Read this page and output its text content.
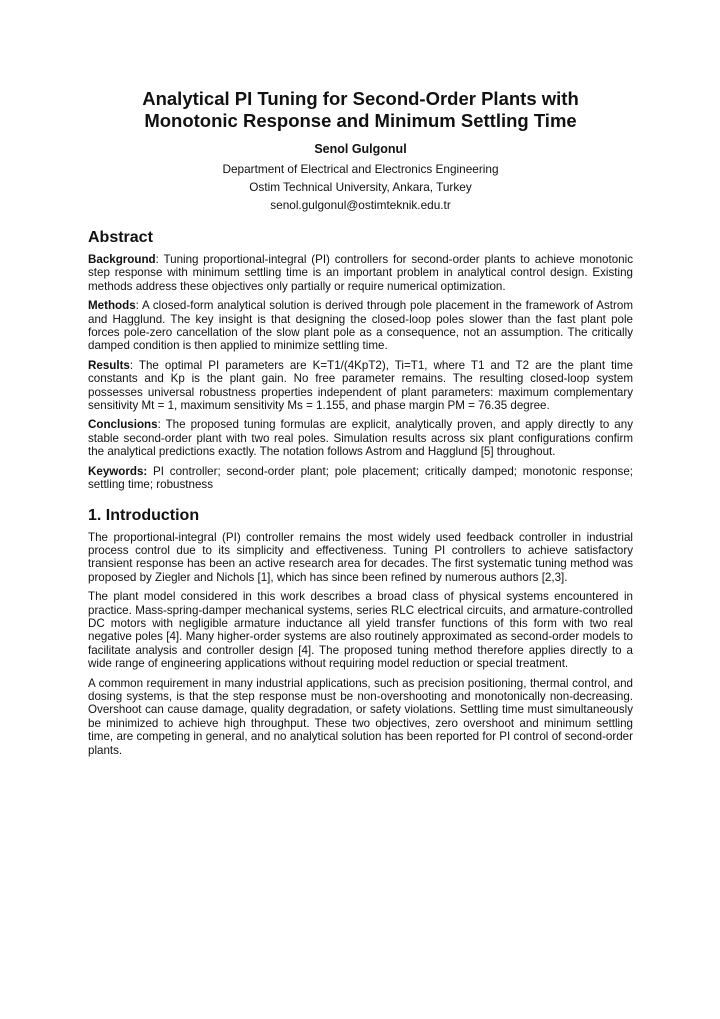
Analytical PI Tuning for Second-Order Plants with
Monotonic Response and Minimum Settling Time
Senol Gulgonul
Department of Electrical and Electronics Engineering
Ostim Technical University, Ankara, Turkey
senol.gulgonul@ostimteknik.edu.tr
Abstract

Background: Tuning proportional-integral (PI) controllers for second-order plants to achieve monotonic step response with minimum settling time is an important problem in analytical control design. Existing methods address these objectives only partially or require numerical optimization.

Methods: A closed-form analytical solution is derived through pole placement in the framework of Astrom and Hagglund. The key insight is that designing the closed-loop poles slower than the fast plant pole forces pole-zero cancellation of the slow plant pole as a consequence, not an assumption. The critically damped condition is then applied to minimize settling time.

Results: The optimal PI parameters are K=T1/(4KpT2), Ti=T1, where T1 and T2 are the plant time constants and Kp is the plant gain. No free parameter remains. The resulting closed-loop system possesses universal robustness properties independent of plant parameters: maximum complementary sensitivity Mt = 1, maximum sensitivity Ms = 1.155, and phase margin PM = 76.35 degree.

Conclusions: The proposed tuning formulas are explicit, analytically proven, and apply directly to any stable second-order plant with two real poles. Simulation results across six plant configurations confirm the analytical predictions exactly. The notation follows Astrom and Hagglund [5] throughout.

Keywords: PI controller; second-order plant; pole placement; critically damped; monotonic response; settling time; robustness

1. Introduction

The proportional-integral (PI) controller remains the most widely used feedback controller in industrial process control due to its simplicity and effectiveness. Tuning PI controllers to achieve satisfactory transient response has been an active research area for decades. The first systematic tuning method was proposed by Ziegler and Nichols [1], which has since been refined by numerous authors [2,3].

The plant model considered in this work describes a broad class of physical systems encountered in practice. Mass-spring-damper mechanical systems, series RLC electrical circuits, and armature-controlled DC motors with negligible armature inductance all yield transfer functions of this form with two real negative poles [4]. Many higher-order systems are also routinely approximated as second-order models to facilitate analysis and controller design [4]. The proposed tuning method therefore applies directly to a wide range of engineering applications without requiring model reduction or special treatment.

A common requirement in many industrial applications, such as precision positioning, thermal control, and dosing systems, is that the step response must be non-overshooting and monotonically non-decreasing. Overshoot can cause damage, quality degradation, or safety violations. Settling time must simultaneously be minimized to achieve high throughput. These two objectives, zero overshoot and minimum settling time, are competing in general, and no analytical solution has been reported for PI control of second-order plants.
